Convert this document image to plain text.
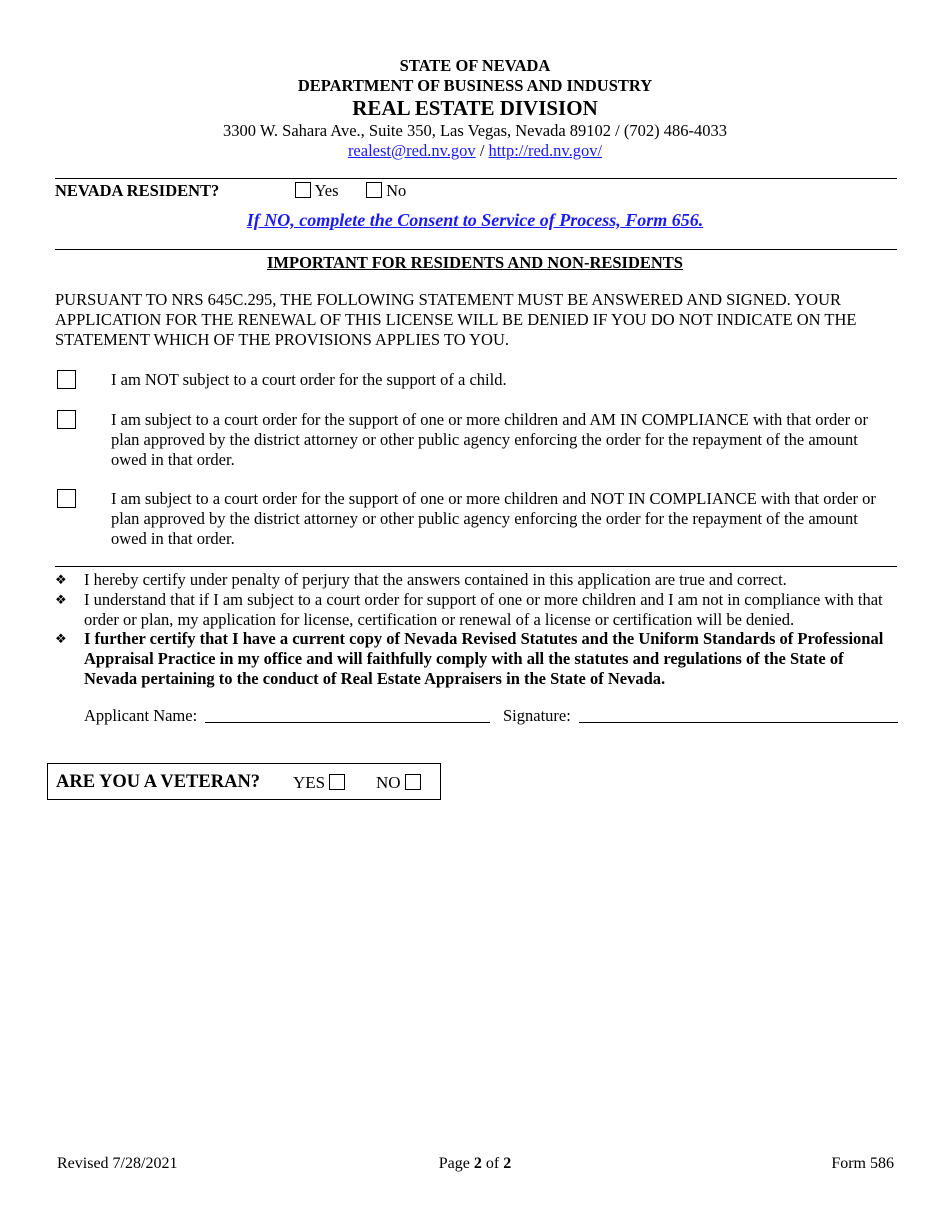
STATE OF NEVADA
DEPARTMENT OF BUSINESS AND INDUSTRY
REAL ESTATE DIVISION
3300 W. Sahara Ave., Suite 350, Las Vegas, Nevada 89102 / (702) 486-4033
realest@red.nv.gov / http://red.nv.gov/
NEVADA RESIDENT?	Yes	No
If NO, complete the Consent to Service of Process, Form 656.
IMPORTANT FOR RESIDENTS AND NON-RESIDENTS
PURSUANT TO NRS 645C.295, THE FOLLOWING STATEMENT MUST BE ANSWERED AND SIGNED. YOUR APPLICATION FOR THE RENEWAL OF THIS LICENSE WILL BE DENIED IF YOU DO NOT INDICATE ON THE STATEMENT WHICH OF THE PROVISIONS APPLIES TO YOU.
I am NOT subject to a court order for the support of a child.
I am subject to a court order for the support of one or more children and AM IN COMPLIANCE with that order or plan approved by the district attorney or other public agency enforcing the order for the repayment of the amount owed in that order.
I am subject to a court order for the support of one or more children and NOT IN COMPLIANCE with that order or plan approved by the district attorney or other public agency enforcing the order for the repayment of the amount owed in that order.
❖ I hereby certify under penalty of perjury that the answers contained in this application are true and correct.
❖ I understand that if I am subject to a court order for support of one or more children and I am not in compliance with that order or plan, my application for license, certification or renewal of a license or certification will be denied.
❖ I further certify that I have a current copy of Nevada Revised Statutes and the Uniform Standards of Professional Appraisal Practice in my office and will faithfully comply with all the statutes and regulations of the State of Nevada pertaining to the conduct of Real Estate Appraisers in the State of Nevada.
Applicant Name:	Signature:
ARE YOU A VETERAN? YES	NO
Revised 7/28/2021	Page 2 of 2	Form 586
